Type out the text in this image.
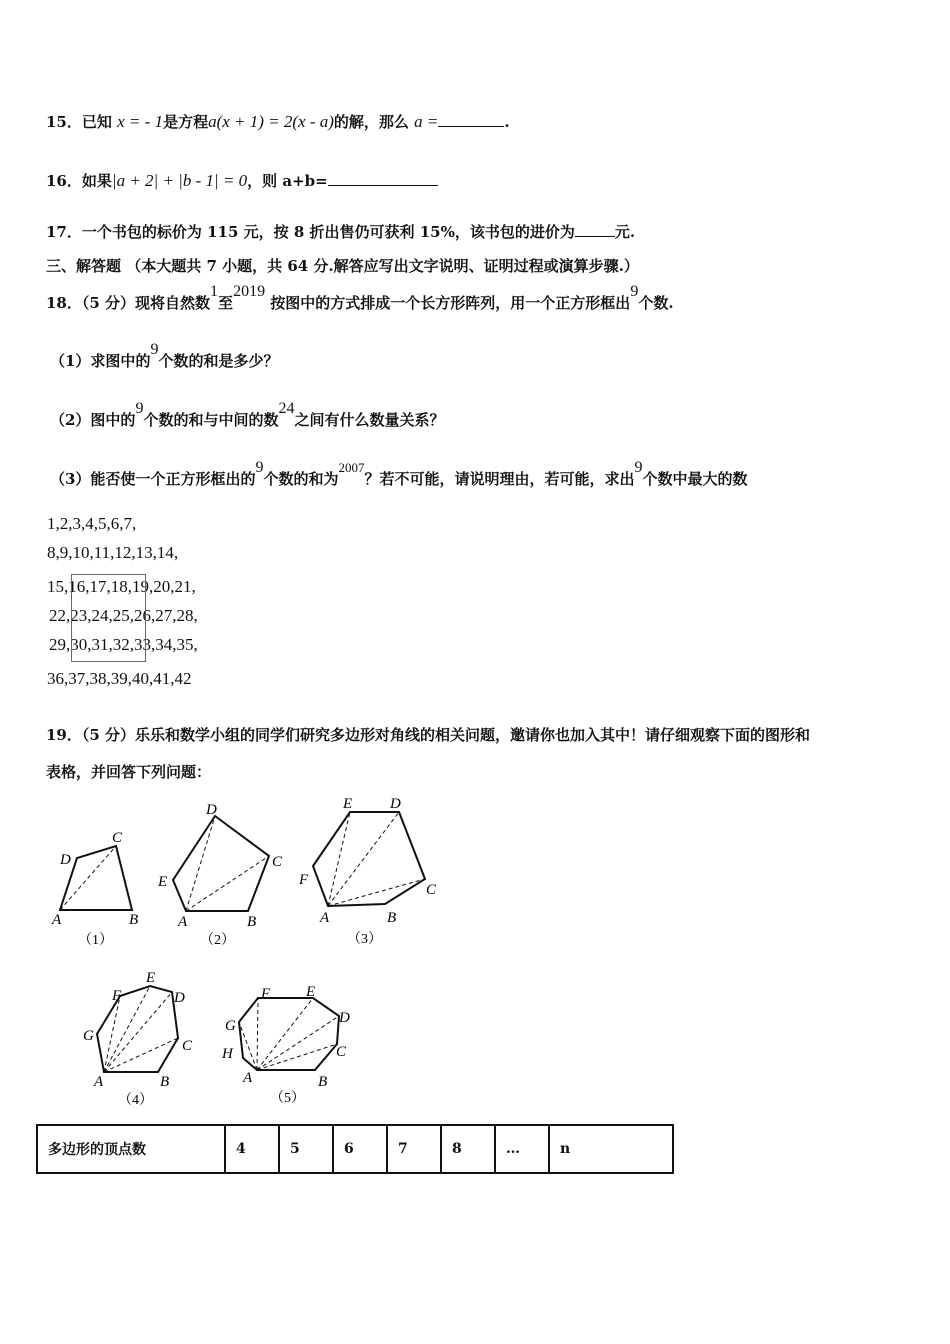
15．已知 x = - 1是方程a(x + 1) = 2(x - a)的解，那么 a =	.
16．如果|a + 2| + |b - 1| = 0，则 a+b=
17．一个书包的标价为 115 元，按 8 折出售仍可获利 15%，该书包的进价为	元.
三、解答题 （本大题共 7 小题，共 64 分.解答应写出文字说明、证明过程或演算步骤.）
18．（5 分）现将自然数1至2019 按图中的方式排成一个长方形阵列，用一个正方形框出9个数.
（1）求图中的9个数的和是多少？
（2）图中的9个数的和与中间的数24之间有什么数量关系？
（3）能否使一个正方形框出的9个数的和为2007？若不可能，请说明理由，若可能，求出9个数中最大的数
1,2,3,4,5,6,7,
8,9,10,11,12,13,14,
15,16,17,18,19,20,21,
22,23,24,25,26,27,28,
29,30,31,32,33,34,35,
36,37,38,39,40,41,42
19．（5 分）乐乐和数学小组的同学们研究多边形对角线的相关问题，邀请你也加入其中！请仔细观察下面的图形和
表格，并回答下列问题：
A	B
C
D
（1）
A	B
C
D
E
（2）
A	B
C
D
E
F
（3）
A	B
C
D
E
F
G
（4）
A	B
C
D
E
F
G
H
（5）
多边形的顶点数	4	5	6	7	8	…	n
